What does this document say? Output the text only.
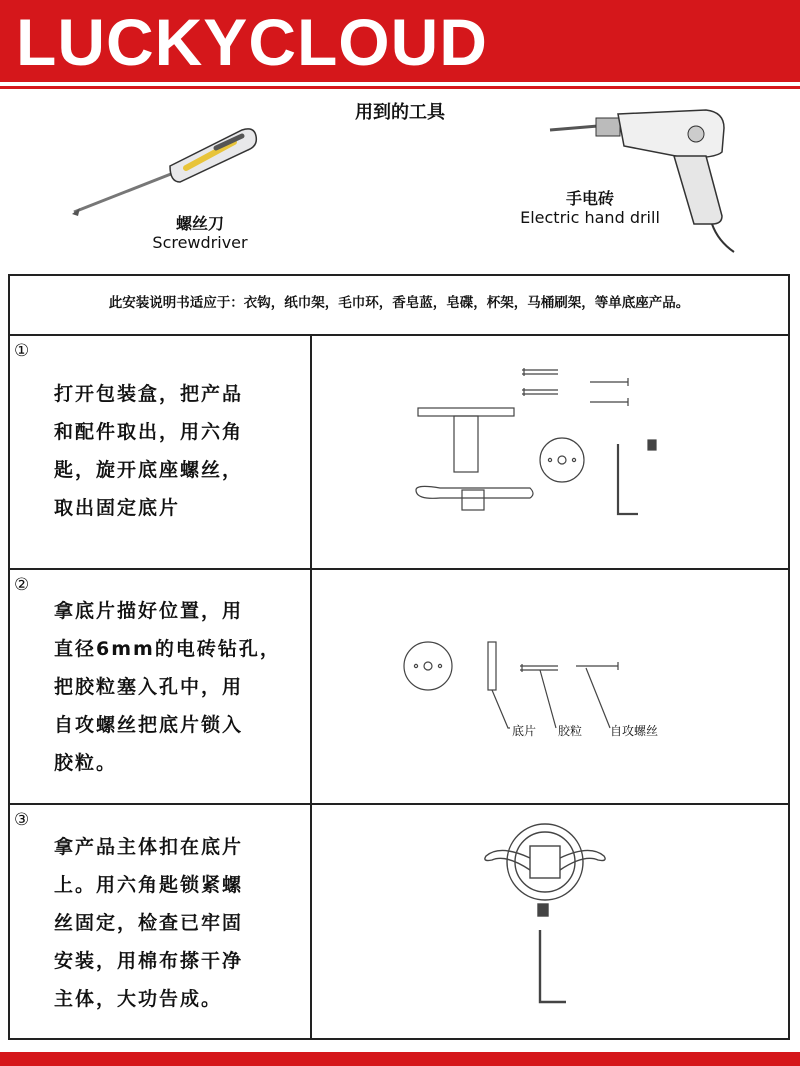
LUCKYCLOUD
用到的工具
螺丝刀
Screwdriver
手电砖
Electric hand drill
此安装说明书适应于：衣钩，纸巾架，毛巾环，香皂蓝，皂碟，杯架，马桶刷架，等单底座产品。
①
打开包装盒，把产品
和配件取出，用六角
匙，旋开底座螺丝，
取出固定底片
②
拿底片描好位置，用
直径6mm的电砖钻孔，
把胶粒塞入孔中，用
自攻螺丝把底片锁入
胶粒。
底片 胶粒 自攻螺丝
③
拿产品主体扣在底片
上。用六角匙锁紧螺
丝固定，检查已牢固
安装，用棉布搽干净
主体，大功告成。
